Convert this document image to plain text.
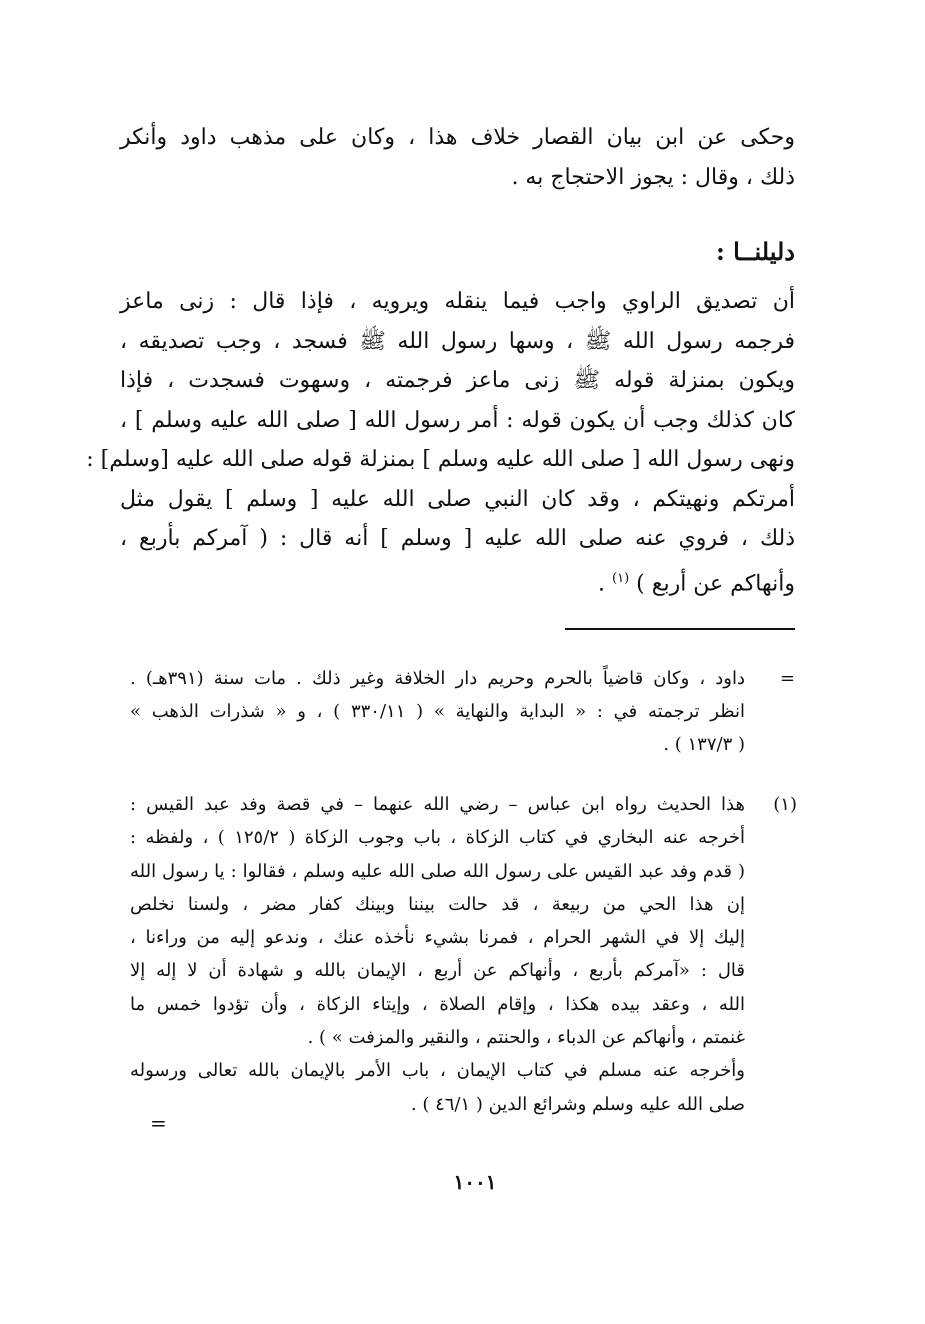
وحكى عن ابن بيان القصار خلاف هذا ، وكان على مذهب داود وأنكر
ذلك ، وقال : يجوز الاحتجاج به .
دليلنــا :
أن تصديق الراوي واجب فيما ينقله ويرويه ، فإذا قال : زنى ماعز
فرجمه رسول الله ﷺ ، وسها رسول الله ﷺ فسجد ، وجب تصديقه ،
ويكون بمنزلة قوله ﷺ زنى ماعز فرجمته ، وسهوت فسجدت ، فإذا
كان كذلك وجب أن يكون قوله : أمر رسول الله [ صلى الله عليه وسلم ] ،
ونهى رسول الله [ صلى الله عليه وسلم ] بمنزلة قوله صلى الله عليه [وسلم] :
أمرتكم ونهيتكم ، وقد كان النبي صلى الله عليه [ وسلم ] يقول مثل
ذلك ، فروي عنه صلى الله عليه [ وسلم ] أنه قال : ( آمركم بأربع ،
وأنهاكم عن أربع ) $^{(١)}$ .
=
داود ، وكان قاضياً بالحرم وحريم دار الخلافة وغير ذلك . مات سنة (٣٩١هـ) .
انظر ترجمته في : « البداية والنهاية » ( ٣٣٠/١١ ) ، و « شذرات الذهب »
( ١٣٧/٣ ) .
(١)
هذا الحديث رواه ابن عباس – رضي الله عنهما – في قصة وفد عبد القيس :
أخرجه عنه البخاري في كتاب الزكاة ، باب وجوب الزكاة ( ١٢٥/٢ ) ، ولفظه :
( قدم وفد عبد القيس على رسول الله صلى الله عليه وسلم ، فقالوا : يا رسول الله
إن هذا الحي من ربيعة ، قد حالت بيننا وبينك كفار مضر ، ولسنا نخلص
إليك إلا في الشهر الحرام ، فمرنا بشيء نأخذه عنك ، وندعو إليه من وراءنا ،
قال : «آمركم بأربع ، وأنهاكم عن أربع ، الإيمان بالله و شهادة أن لا إله إلا
الله ، وعقد بيده هكذا ، وإقام الصلاة ، وإيتاء الزكاة ، وأن تؤدوا خمس ما
غنمتم ، وأنهاكم عن الدباء ، والحنتم ، والنقير والمزفت » ) .
وأخرجه عنه مسلم في كتاب الإيمان ، باب الأمر بالإيمان بالله تعالى ورسوله
صلى الله عليه وسلم وشرائع الدين ( ٤٦/١ ) .
=
١٠٠١
